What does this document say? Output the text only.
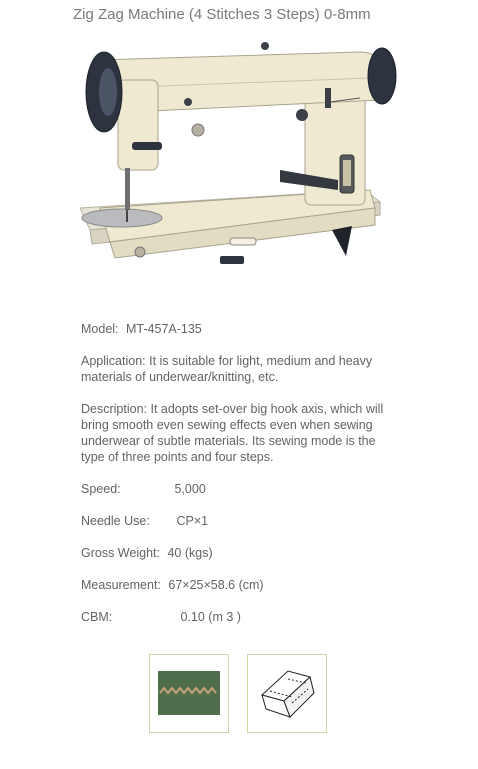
Zig Zag Machine (4 Stitches 3 Steps) 0-8mm
Model: MT-457A-135
Application: It is suitable for light, medium and heavy materials of underwear/knitting, etc.
Description: It adopts set-over big hook axis, which will bring smooth even sewing effects even when sewing underwear of subtle materials. Its sewing mode is the type of three points and four steps.
Speed:	5,000
Needle Use: CP×1
Gross Weight: 40 (kgs)
Measurement: 67×25×58.6 (cm)
CBM:	0.10 (m 3 )
